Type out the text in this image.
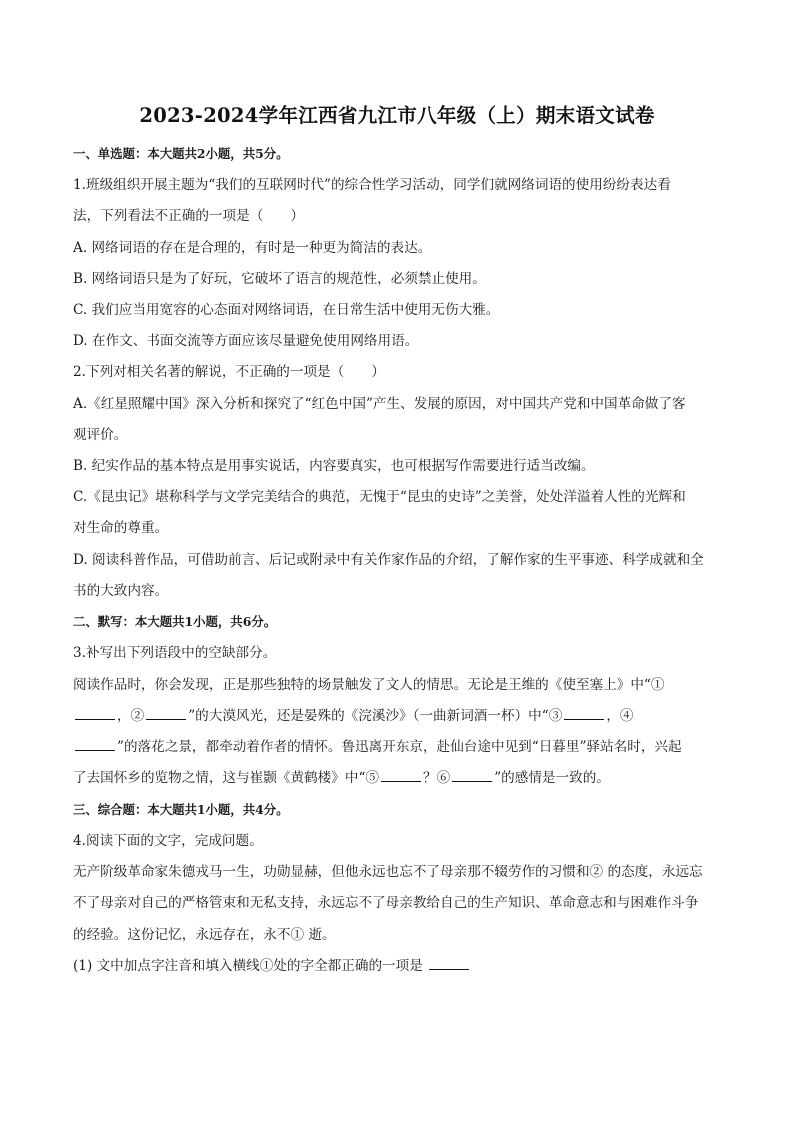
2023-2024学年江西省九江市八年级（上）期末语文试卷
一、单选题：本大题共2小题，共5分。
1.班级组织开展主题为“我们的互联网时代”的综合性学习活动，同学们就网络词语的使用纷纷表达看
法，下列看法不正确的一项是（　　）
A. 网络词语的存在是合理的，有时是一种更为简洁的表达。
B. 网络词语只是为了好玩，它破坏了语言的规范性，必须禁止使用。
C. 我们应当用宽容的心态面对网络词语，在日常生活中使用无伤大雅。
D. 在作文、书面交流等方面应该尽量避免使用网络用语。
2.下列对相关名著的解说，不正确的一项是（　　）
A.《红星照耀中国》深入分析和探究了“红色中国”产生、发展的原因，对中国共产党和中国革命做了客
观评价。
B. 纪实作品的基本特点是用事实说话，内容要真实，也可根据写作需要进行适当改编。
C.《昆虫记》堪称科学与文学完美结合的典范，无愧于“昆虫的史诗”之美誉，处处洋溢着人性的光辉和
对生命的尊重。
D. 阅读科普作品，可借助前言、后记或附录中有关作家作品的介绍，了解作家的生平事迹、科学成就和全
书的大致内容。
二、默写：本大题共1小题，共6分。
3.补写出下列语段中的空缺部分。
阅读作品时，你会发现，正是那些独特的场景触发了文人的情思。无论是王维的《使至塞上》中“①
，②	”的大漠风光，还是晏殊的《浣溪沙》（一曲新词酒一杯）中“③	，④
”的落花之景，都牵动着作者的情怀。鲁迅离开东京，赴仙台途中见到“日暮里”驿站名时，兴起
了去国怀乡的览物之情，这与崔颢《黄鹤楼》中“⑤	？⑥	”的感情是一致的。
三、综合题：本大题共1小题，共4分。
4.阅读下面的文字，完成问题。
无产阶级革命家朱德戎马一生，功勋显赫，但他永远也忘不了母亲那不辍劳作的习惯和② 的态度，永远忘
不了母亲对自己的严格管束和无私支持，永远忘不了母亲教给自己的生产知识、革命意志和与困难作斗争
的经验。这份记忆，永远存在，永不① 逝。
(1) 文中加点字注音和填入横线①处的字全都正确的一项是
